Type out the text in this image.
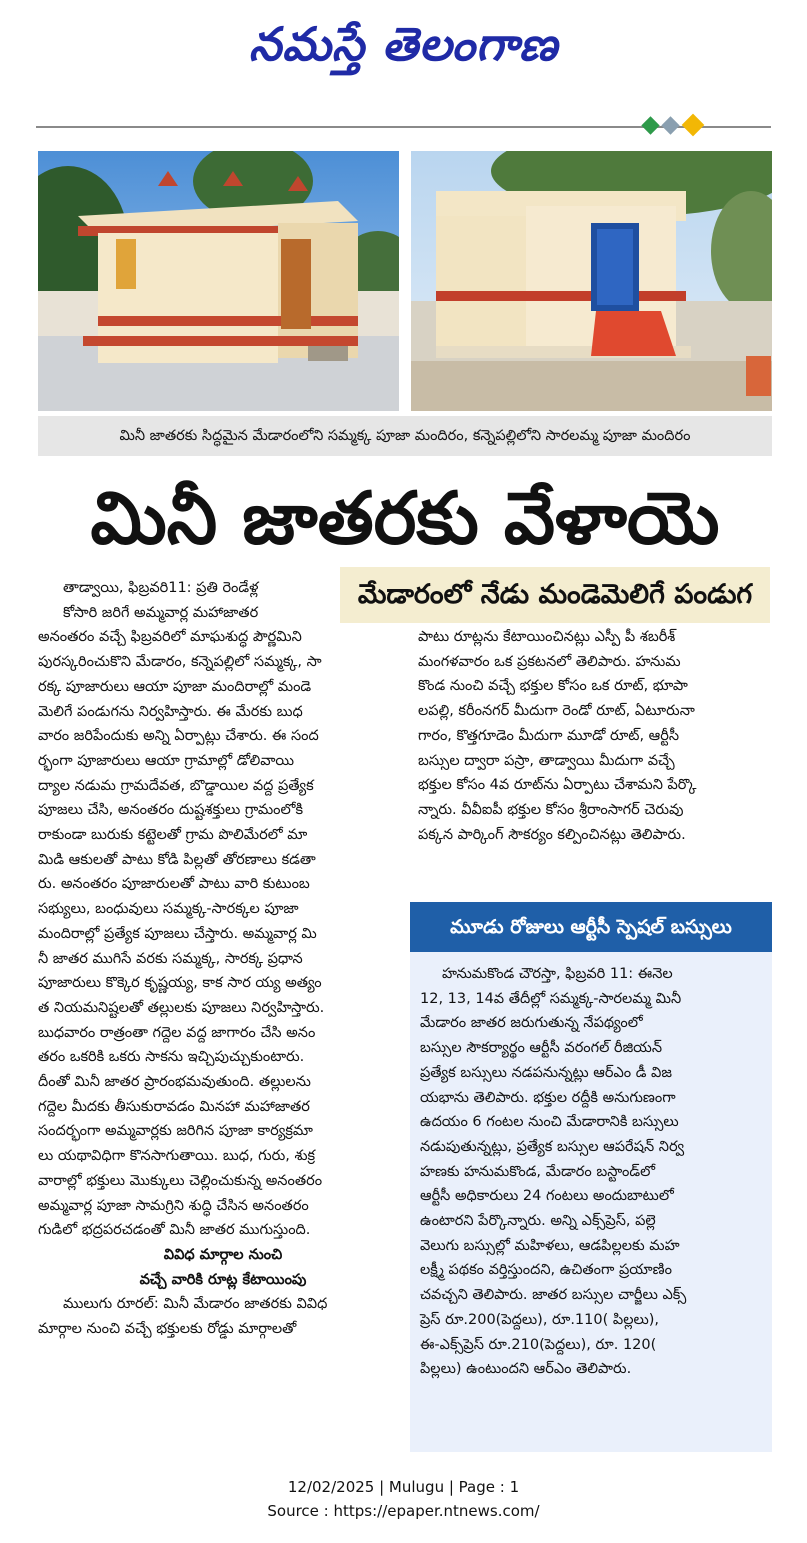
నమస్తే తెలంగాణ
మినీ జాతరకు సిద్ధమైన మేడారంలోని సమ్మక్క పూజా మందిరం, కన్నెపల్లిలోని సారలమ్మ పూజా మందిరం
మినీ జాతరకు వేళాయె
మేడారంలో నేడు మండెమెలిగే పండుగ

తాడ్వాయి, ఫిబ్రవరి11: ప్రతి రెండేళ్ల

కోసారి జరిగే అమ్మవార్ల మహాజాతర

అనంతరం వచ్చే ఫిబ్రవరిలో మాఘశుద్ధ పౌర్ణమిని

పురస్కరించుకొని మేడారం, కన్నెపల్లిలో సమ్మక్క, సా

రక్క పూజారులు ఆయా పూజా మందిరాల్లో మండె

మెలిగే పండుగను నిర్వహిస్తారు. ఈ మేరకు బుధ

వారం జరిపేందుకు అన్ని ఏర్పాట్లు చేశారు. ఈ సంద

ర్భంగా పూజారులు ఆయా గ్రామాల్లో డోలివాయి

ద్యాల నడుమ గ్రామదేవత, బొడ్డాయిల వద్ద ప్రత్యేక

పూజలు చేసి, అనంతరం దుష్టశక్తులు గ్రామంలోకి

రాకుండా బురుకు కట్టెలతో గ్రామ పొలిమేరలో మా

మిడి ఆకులతో పాటు కోడి పిల్లతో తోరణాలు కడతా

రు. అనంతరం పూజారులతో పాటు వారి కుటుంబ

సభ్యులు, బంధువులు సమ్మక్క-సారక్కల పూజా

మందిరాల్లో ప్రత్యేక పూజలు చేస్తారు. అమ్మవార్ల మి

నీ జాతర ముగిసే వరకు సమ్మక్క, సారక్క ప్రధాన

పూజారులు కొక్కెర కృష్ణయ్య, కాక సార య్య అత్యం

త నియమనిష్టలతో తల్లులకు పూజలు నిర్వహిస్తారు.

బుధవారం రాత్రంతా గద్దెల వద్ద జాగారం చేసి అనం

తరం ఒకరికి ఒకరు సాకను ఇచ్చిపుచ్చుకుంటారు.

దీంతో మినీ జాతర ప్రారంభమవుతుంది. తల్లులను

గద్దెల మీదకు తీసుకురావడం మినహా మహాజాతర

సందర్భంగా అమ్మవార్లకు జరిగిన పూజా కార్యక్రమా

లు యథావిధిగా కొనసాగుతాయి. బుధ, గురు, శుక్ర

వారాల్లో భక్తులు మొక్కులు చెల్లించుకున్న అనంతరం

అమ్మవార్ల పూజా సామగ్రిని శుద్ధి చేసిన అనంతరం

గుడిలో భద్రపరచడంతో మినీ జాతర ముగుస్తుంది.

వివిధ మార్గాల నుంచి

వచ్చే వారికి రూట్ల కేటాయింపు

ములుగు రూరల్: మినీ మేడారం జాతరకు వివిధ

మార్గాల నుంచి వచ్చే భక్తులకు రోడ్డు మార్గాలతో

పాటు రూట్లను కేటాయించినట్లు ఎస్పీ పీ శబరీశ్

మంగళవారం ఒక ప్రకటనలో తెలిపారు. హనుమ

కొండ నుంచి వచ్చే భక్తుల కోసం ఒక రూట్, భూపా

లపల్లి, కరీంనగర్ మీదుగా రెండో రూట్, ఏటూరునా

గారం, కొత్తగూడెం మీదుగా మూడో రూట్, ఆర్టీసీ

బస్సుల ద్వారా పస్రా, తాడ్వాయి మీదుగా వచ్చే

భక్తుల కోసం 4వ రూట్‌ను ఏర్పాటు చేశామని పేర్కొ

న్నారు. వీవీఐపీ భక్తుల కోసం శ్రీరాంసాగర్ చెరువు

పక్కన పార్కింగ్ సౌకర్యం కల్పించినట్లు తెలిపారు.

మూడు రోజులు ఆర్టీసీ స్పెషల్ బస్సులు

హనుమకొండ చౌరస్తా, ఫిబ్రవరి 11: ఈనెల

12, 13, 14వ తేదీల్లో సమ్మక్క-సారలమ్మ మినీ

మేడారం జాతర జరుగుతున్న నేపథ్యంలో

బస్సుల సౌకర్యార్థం ఆర్టీసీ వరంగల్ రీజియన్

ప్రత్యేక బస్సులు నడపనున్నట్లు ఆర్‌ఎం డీ విజ

యభాను తెలిపారు. భక్తుల రద్దీకి అనుగుణంగా

ఉదయం 6 గంటల నుంచి మేడారానికి బస్సులు

నడుపుతున్నట్లు, ప్రత్యేక బస్సుల ఆపరేషన్ నిర్వ

హణకు హనుమకొండ, మేడారం బస్టాండ్‌లో

ఆర్టీసీ అధికారులు 24 గంటలు అందుబాటులో

ఉంటారని పేర్కొన్నారు. అన్ని ఎక్స్‌ప్రెస్, పల్లె

వెలుగు బస్సుల్లో మహిళలు, ఆడపిల్లలకు మహ

లక్ష్మీ పథకం వర్తిస్తుందని, ఉచితంగా ప్రయాణిం

చవచ్చని తెలిపారు. జాతర బస్సుల చార్జీలు ఎక్స్

ప్రెస్ రూ.200(పెద్దలు), రూ.110( పిల్లలు),

ఈ-ఎక్స్‌ప్రెస్ రూ.210(పెద్దలు), రూ. 120(

పిల్లలు) ఉంటుందని ఆర్‌ఎం తెలిపారు.

12/02/2025 | Mulugu | Page : 1
Source : https://epaper.ntnews.com/
